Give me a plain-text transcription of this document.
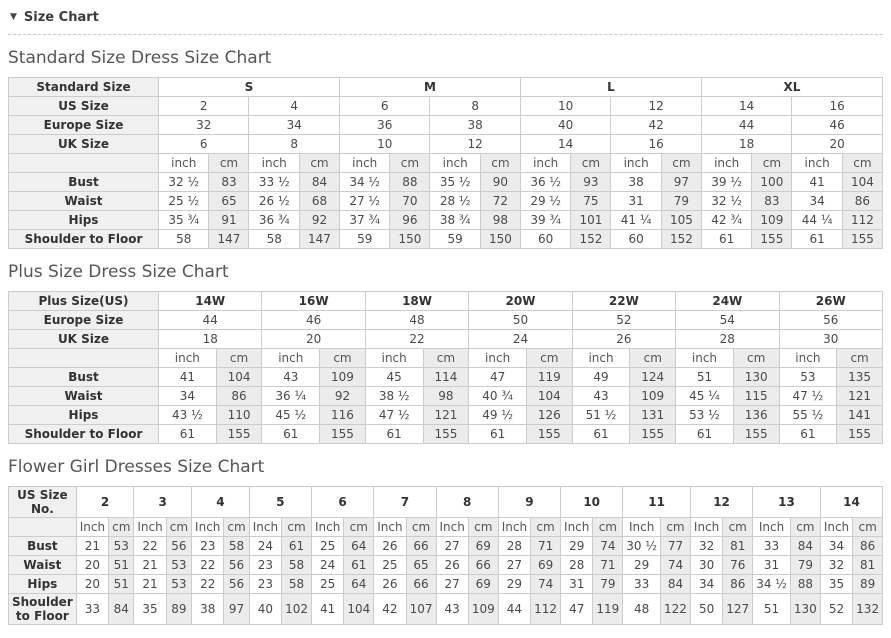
▼ Size Chart
Standard Size Dress Size Chart
Standard Size	S				M				L				XL			
US Size	2		4		6		8		10		12		14		16	
Europe Size	32		34		36		38		40		42		44		46	
UK Size	6		8		10		12		14		16		18		20	
	inch	cm	inch	cm	inch	cm	inch	cm	inch	cm	inch	cm	inch	cm	inch	cm
Bust	32 ½	83	33 ½	84	34 ½	88	35 ½	90	36 ½	93	38	97	39 ½	100	41	104
Waist	25 ½	65	26 ½	68	27 ½	70	28 ½	72	29 ½	75	31	79	32 ½	83	34	86
Hips	35 ¾	91	36 ¾	92	37 ¾	96	38 ¾	98	39 ¾	101	41 ¼	105	42 ¾	109	44 ¼	112
Shoulder to Floor	58	147	58	147	59	150	59	150	60	152	60	152	61	155	61	155
Plus Size Dress Size Chart
Plus Size(US)	14W		16W		18W		20W		22W		24W		26W	
Europe Size	44		46		48		50		52		54		56	
UK Size	18		20		22		24		26		28		30	
	inch	cm	inch	cm	inch	cm	inch	cm	inch	cm	inch	cm	inch	cm
Bust	41	104	43	109	45	114	47	119	49	124	51	130	53	135
Waist	34	86	36 ¼	92	38 ½	98	40 ¾	104	43	109	45 ¼	115	47 ½	121
Hips	43 ½	110	45 ½	116	47 ½	121	49 ½	126	51 ½	131	53 ½	136	55 ½	141
Shoulder to Floor	61	155	61	155	61	155	61	155	61	155	61	155	61	155
Flower Girl Dresses Size Chart
US Size No.	2		3		4		5		6		7		8		9		10		11		12		13		14	
	Inch	cm	Inch	cm	Inch	cm	Inch	cm	Inch	cm	Inch	cm	Inch	cm	Inch	cm	Inch	cm	Inch	cm	Inch	cm	Inch	cm	Inch	cm
Bust	21	53	22	56	23	58	24	61	25	64	26	66	27	69	28	71	29	74	30 ½	77	32	81	33	84	34	86
Waist	20	51	21	53	22	56	23	58	24	61	25	65	26	66	27	69	28	71	29	74	30	76	31	79	32	81
Hips	20	51	21	53	22	56	23	58	25	64	26	66	27	69	29	74	31	79	33	84	34	86	34 ½	88	35	89
Shoulder to Floor	33	84	35	89	38	97	40	102	41	104	42	107	43	109	44	112	47	119	48	122	50	127	51	130	52	132
